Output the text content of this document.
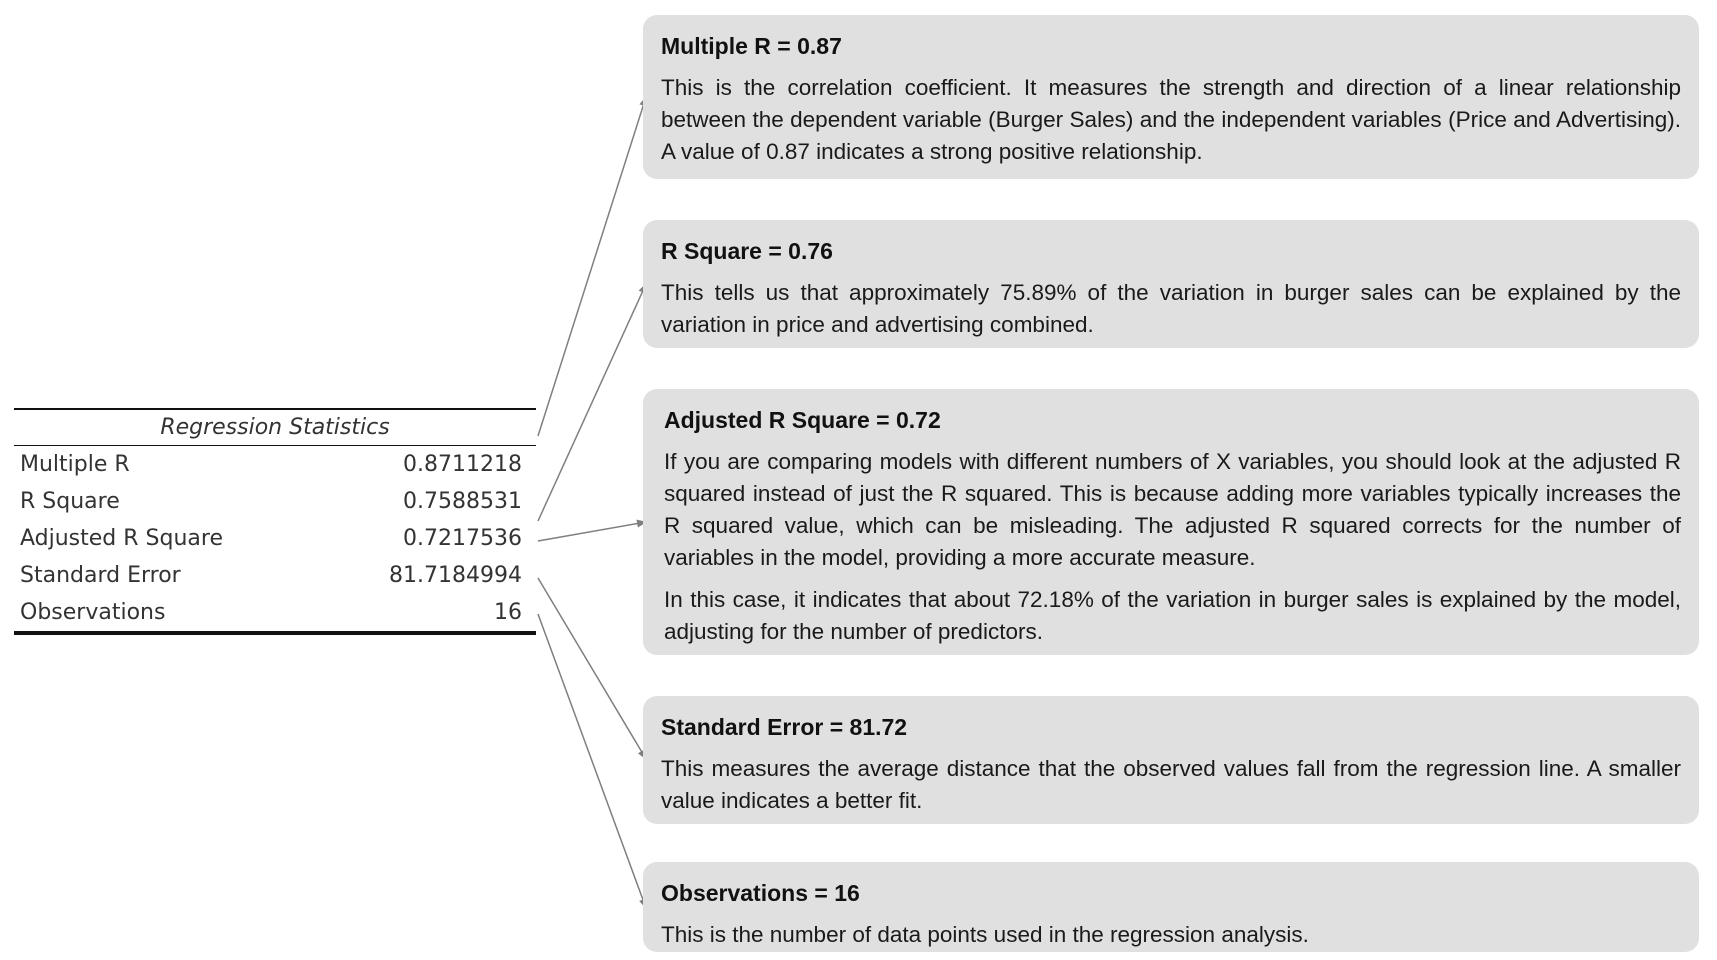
Regression Statistics	
Multiple R	0.8711218
R Square	0.7588531
Adjusted R Square	0.7217536
Standard Error	81.7184994
Observations	16
Multiple R = 0.87
This is the correlation coefficient. It measures the strength and direction of a linear relationship between the dependent variable (Burger Sales) and the independent variables (Price and Advertising). A value of 0.87 indicates a strong positive relationship.
R Square = 0.76
This tells us that approximately 75.89% of the variation in burger sales can be explained by the variation in price and advertising combined.
Adjusted R Square = 0.72
If you are comparing models with different numbers of X variables, you should look at the adjusted R squared instead of just the R squared. This is because adding more variables typically increases the R squared value, which can be misleading. The adjusted R squared corrects for the number of variables in the model, providing a more accurate measure.
In this case, it indicates that about 72.18% of the variation in burger sales is explained by the model, adjusting for the number of predictors.
Standard Error = 81.72
This measures the average distance that the observed values fall from the regression line. A smaller value indicates a better fit.
Observations = 16
This is the number of data points used in the regression analysis.
